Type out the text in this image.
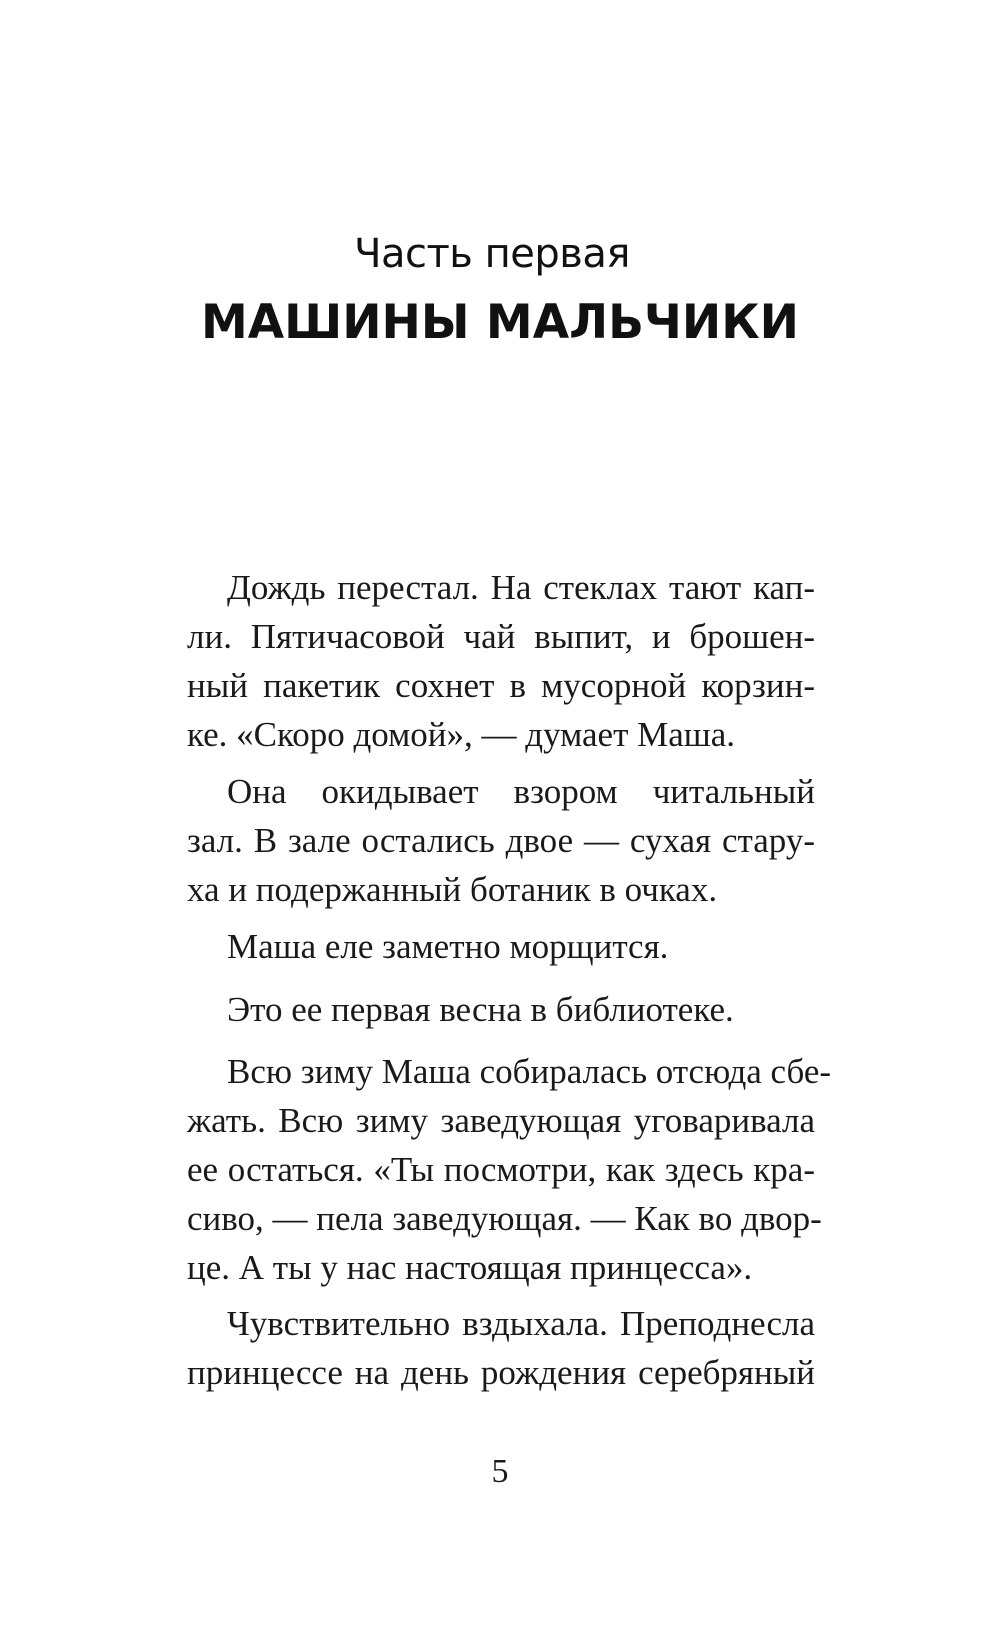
Часть первая
МАШИНЫ МАЛЬЧИКИ
Дождь перестал. На стеклах тают кап-
ли. Пятичасовой чай выпит, и брошен-
ный пакетик сохнет в мусорной корзин-
ке. «Скоро домой», — думает Маша.
Она окидывает взором читальный
зал. В зале остались двое — сухая стару-
ха и подержанный ботаник в очках.
Маша еле заметно морщится.
Это ее первая весна в библиотеке.
Всю зиму Маша собиралась отсюда сбе-
жать. Всю зиму заведующая уговаривала
ее остаться. «Ты посмотри, как здесь кра-
сиво, — пела заведующая. — Как во двор-
це. А ты у нас настоящая принцесса».
Чувствительно вздыхала. Преподнесла
принцессе на день рождения серебряный
5
